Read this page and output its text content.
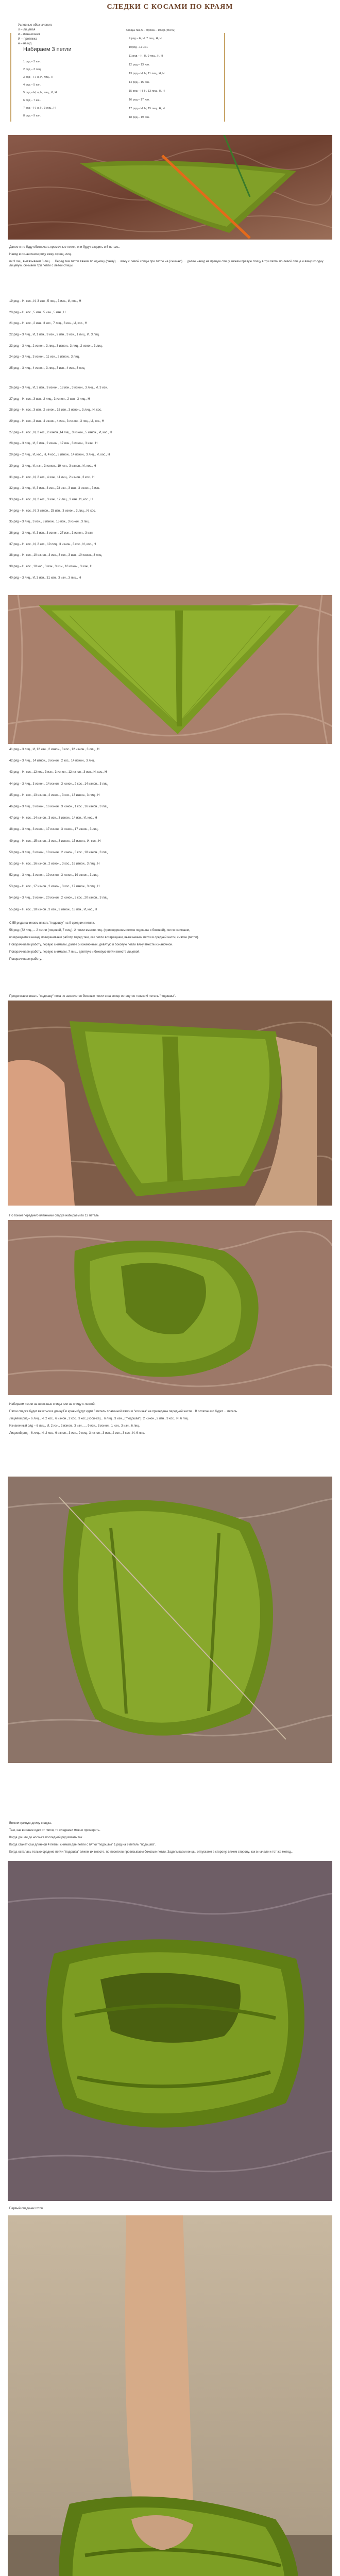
СЛЕДКИ С КОСАМИ ПО КРАЯМ
Условные обозначения:
л – лицевая
и – изнаночная
И – протяжка
н – накид
Спицы №3,5 – Пряжа – 100гр.(350 м)
Набираем 3 петли
1 ряд – 3 изн.
2 ряд – 3 лиц.
3 ряд – Н, л, И, лиц., Н
4 ряд – 5 изн.
5 ряд – Н, л, Н, лиц., И, Н
6 ряд – 7 изн.
7 ряд – Н, л, Н, 3 лиц., Н
8 ряд – 9 изн.
9 ряд – Н, Н, 7 лиц., Н, Н
10ряд –11 изн.
11 ряд – Н, Н, 9 лиц., Н, Н
12 ряд – 13 изн.
13 ряд – Н, Н, 11 лиц., Н, Н
14 ряд – 15 изн.
15 ряд – Н, Н, 13 лиц., Н, Н
16 ряд – 17 изн.
17 ряд – Н, Н, 15 лиц., Н, Н
18 ряд – 19 изн.

Далее я не буду обозначать кромочные петли, они будут входить в 6 петель.

Накид в изнаночном ряду вяжу скрещ. лиц.

их 3 лиц. вывязываем 3 лиц. ... Перед тем петли вяжем по одному (снизу) … вяжу с левой спицы при петле на (снимаю) … далее накид на правую спицу, вяжем правую спицу в три петли по левой спице и вяжу их одну лицевую. снимаем три петли с левой спицы.

19 ряд – Н, кос., И, 3 изн., 5 лиц., 3 изн., И, кос., Н
20 ряд – Н, кос., 5 изн., 5 изн., 5 изн., Н
21 ряд – Н, кос., 2 изн., 3 кос., 7 лиц., 3 изн., И, кос., Н
22 ряд – 3 лиц., И, 1 изн., 3 изн., 9 изн., 3 изн., 1 лиц., И, 3 лиц.
23 ряд – 3 лиц., 2 изнон., 3 лиц., 3 изнон., 3 лиц., 2 изнон., 3 лиц.
24 ряд – 3 лиц., 3 изнон., 11 изн., 2 изнон., 3 лиц.
25 ряд – 3 лиц., 4 изнон., 3 лиц., 3 изн., 4 изн., 3 лиц.
26 ряд – 3 лиц., И, 3 изн., 3 изнон., 13 изн., 3 изнон., 3 лиц., И, 3 изн.
27 ряд – Н, кос., 3 изн., 2 лиц., 3 изнон., 2 изн., 3 лиц., Н
28 ряд – Н, кос., 3 изн., 2 изнон., 15 изн., 3 изнон., 3 лиц., И, кос.
29 ряд – Н, кос., 3 изн., 4 изнон., 4 изн., 3 изнон., 3 лиц., И, кос., Н
27 ряд – Н, кос., И, 2 кос., 2 изнон.,14 лиц., 3 изнон., 5 изнон., И, кос., Н
28 ряд – 3 лиц., И, 3 изн., 2 изнон., 17 изн., 3 изнон., 3 изн., Н
29 ряд – 2 лиц., И, кос., Н, 4 кос., 3 изнон., 14 изнон., 3 лиц., И, кос., Н
30 ряд – 3 лиц., И, изн., 3 изнон., 19 изн., 3 изнон., И, кос., Н
31 ряд – Н, кос., И, 2 кос., 4 изн., 11 лиц., 2 изнон., 3 кос., Н
32 ряд – 3 лиц., И, 3 изн., 3 изн., 23 изн., 3 изн., 3 изнон., 3 изн.
33 ряд – Н, кос., И, 2 кос., 3 изн., 12 лиц., 3 изн., И, кос., Н
34 ряд – Н, кос., И, 3 изнон., 25 изн., 3 изнон., 3 лиц., И, кос.
35 ряд – 3 лиц., 3 изн., 3 изнон., 15 изн., 3 изнон., 3 лиц.
36 ряд – 3 лиц., И, 3 изн., 3 изнон., 27 изн., 3 изнон., 3 изн.
37 ряд – Н, кос., И, 2 кос., 19 лиц., 3 изнон., 3 кос., И, кос., Н
38 ряд – Н, кос., 10 изнон., 3 изн., 3 кос., 3 изн., 10 изнон., 3 лиц.
39 ряд – Н, кос., 10 кос., 3 изн., 3 изн., 10 изнон., 3 изн., Н
40 ряд – 3 лиц., И, 3 изн., 31 изн., 3 изн., 3 лиц., Н
41 ряд – 3 лиц., И, 12 изн., 2 изнон., 3 кос., 12 изнон., 3 лиц., Н
42 ряд – 3 лиц., 14 изнон., 3 изнон., 2 кос., 14 изнон., 3 лиц.
43 ряд – Н, кос., 12 кос., 3 изн., 3 изнон., 12 изнон., 3 изн., И, кос., Н
44 ряд – 3 лиц., 3 изнон., 14 изнон., 3 изнон., 2 кос., 14 изнон., 3 лиц.
45 ряд – Н, кос., 13 изнон., 2 изнон., 3 кос., 13 изнон., 3 лиц., Н
46 ряд – 3 лиц., 3 изнон., 16 изнон., 3 изнон., 1 кос., 16 изнон., 3 лиц.
47 ряд – Н, кос., 14 изнон., 3 изн., 3 изнон., 14 изн., И, кос., Н
48 ряд – 3 лиц., 3 изнон., 17 изнон., 3 изнон., 17 изнон., 3 лиц.
49 ряд – Н, кос., 15 изнон., 3 изн., 3 изнон., 15 изнон., И, кос., Н
50 ряд – 3 лиц., 3 изнон., 18 изнон., 2 изнон., 3 кос., 18 изнон., 3 лиц.
51 ряд – Н, кос., 16 изнон., 2 изнон., 3 кос., 16 изнон., 3 лиц., Н
52 ряд – 3 лиц., 3 изнон., 19 изнон., 3 изнон., 19 изнон., 3 лиц.
53 ряд – Н, кос., 17 изнон., 2 изнон., 3 кос., 17 изнон., 3 лиц., Н
54 ряд – 3 лиц., 3 изнон., 20 изнон., 2 изнон., 3 кос., 20 изнон., 3 лиц.
55 ряд – Н, кос., 18 изнон., 3 изн., 3 изнон., 18 изн., И, кос., Н

С 55 ряда начинаем вязать "подошву" на 9 средних петлях.

56 ряд: (32 лиц.,... 2 петли (лицевой, 7 лиц.), 2 петли вместе лиц. (присоединяем петлю подошвы к боковой), петлю снимаем,

возвращаемся назад, поворачиваем работу, перед тем, как петли возвращаем, вывязываем петли в средней части, снятие (петли).

Поворачиваем работу, первую снимаем, далее 5 изнаночных, девятую и боковую петли вяжу вместе изнаночной.

Поворачиваем работу, первую снимаем, 7 лиц., девятую и боковую петли вместе лицевой.

Поворачиваем работу...

Продолжаем вязать "подошву" пока не закончатся боковые петли и на спице останутся только 9 петель "подошвы".

По боком переднего вленными спадке набираем по 12 петель

Набираем петли на носочные спицы или на спицу с леской.

Пятки спадке будет вязаться в длину.По краям будут идти 6 петель платочной вязки и "косичка" не приведены передней части... В остатке его будет ... петель.

Лицевой ряд – 6 лиц., И, 2 кос., 6 изнон., 2 кос., 3 кос.,(косичка)... 6 лиц., 3 изн., ("подошва"), 2 изнон., 2 изн., 3 кос., И, 6 лиц.

Изнаночный ряд – 6 лиц., И, 2 изн., 2 изнон., 3 изн., ... 9 изн., 3 изнон., 1 изн., 3 изн., 6 лиц.

Лицевой ряд – 6 лиц., И, 2 кос., 6 изнон., 3 изн., 9 лиц., 3 изнон., 3 изн., 2 изн., 3 кос., И, 6 лиц.

Вяжем нужную длину спадка.

Там, как вязание идет от пятки, то следками можно примерить.

Когда дошли до носочка последний ряд вязать так ...

Когда станет сам длинной 4 петли, снимая две петли с пятки "подошвы" 1 ряд на 9 петель "подошва".

Когда осталась только средние петли "подошва" вяжем их вместе, по-посетили провязываем боковые петли. Заделываем концы, отпускаем в сторону, вяжем сторону, как в начале и тот же метод...

Первый следочек готов
